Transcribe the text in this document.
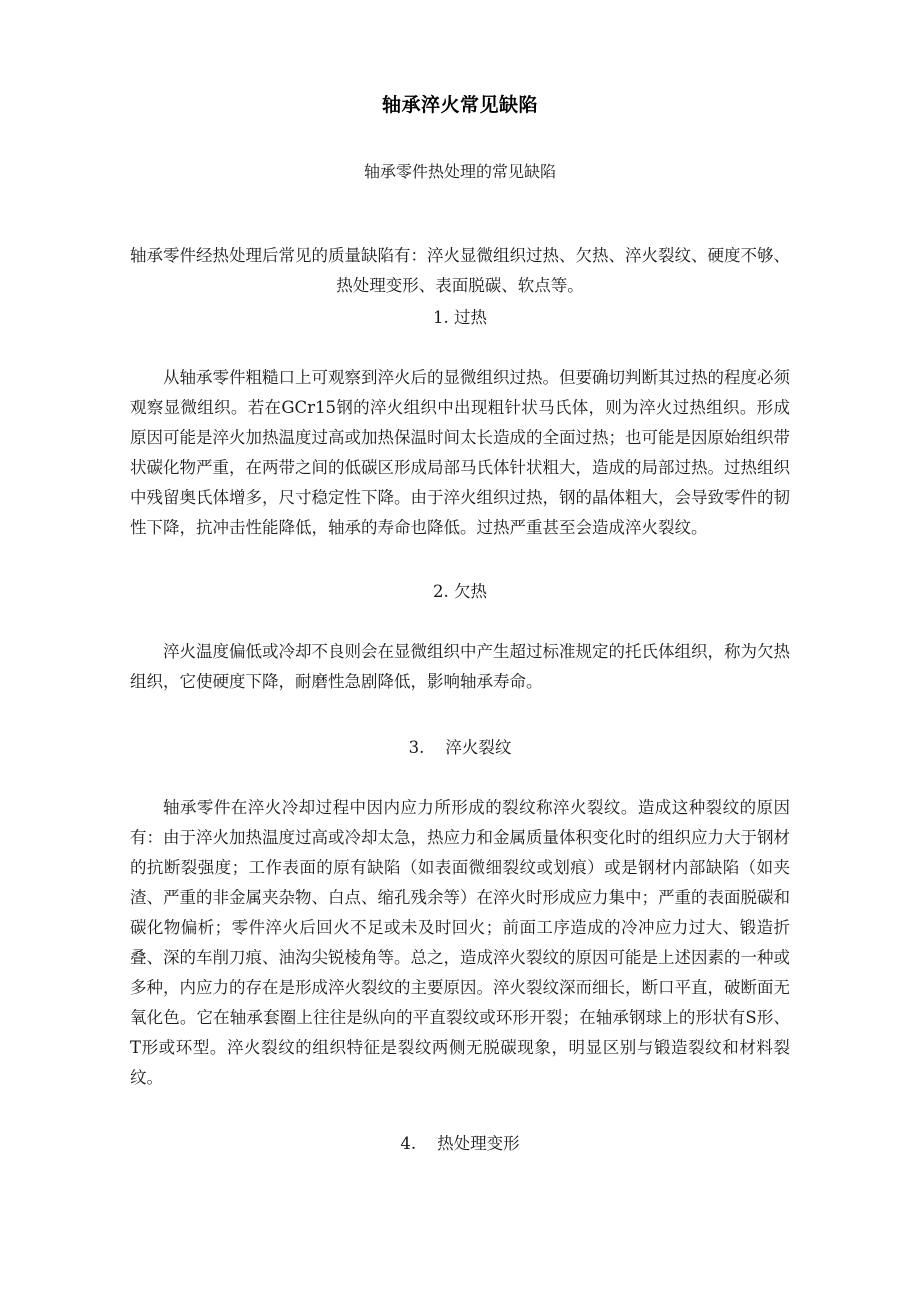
轴承淬火常见缺陷

轴承零件热处理的常见缺陷

轴承零件经热处理后常见的质量缺陷有：淬火显微组织过热、欠热、淬火裂纹、硬度不够、热处理变形、表面脱碳、软点等。

1. 过热

从轴承零件粗糙口上可观察到淬火后的显微组织过热。但要确切判断其过热的程度必须观察显微组织。若在GCr15钢的淬火组织中出现粗针状马氏体，则为淬火过热组织。形成原因可能是淬火加热温度过高或加热保温时间太长造成的全面过热；也可能是因原始组织带状碳化物严重，在两带之间的低碳区形成局部马氏体针状粗大，造成的局部过热。过热组织中残留奥氏体增多，尺寸稳定性下降。由于淬火组织过热，钢的晶体粗大，会导致零件的韧性下降，抗冲击性能降低，轴承的寿命也降低。过热严重甚至会造成淬火裂纹。

2. 欠热

淬火温度偏低或冷却不良则会在显微组织中产生超过标准规定的托氏体组织，称为欠热组织，它使硬度下降，耐磨性急剧降低，影响轴承寿命。

3.    淬火裂纹

轴承零件在淬火冷却过程中因内应力所形成的裂纹称淬火裂纹。造成这种裂纹的原因有：由于淬火加热温度过高或冷却太急，热应力和金属质量体积变化时的组织应力大于钢材的抗断裂强度；工作表面的原有缺陷（如表面微细裂纹或划痕）或是钢材内部缺陷（如夹渣、严重的非金属夹杂物、白点、缩孔残余等）在淬火时形成应力集中；严重的表面脱碳和碳化物偏析；零件淬火后回火不足或未及时回火；前面工序造成的冷冲应力过大、锻造折叠、深的车削刀痕、油沟尖锐棱角等。总之，造成淬火裂纹的原因可能是上述因素的一种或多种，内应力的存在是形成淬火裂纹的主要原因。淬火裂纹深而细长，断口平直，破断面无氧化色。它在轴承套圈上往往是纵向的平直裂纹或环形开裂；在轴承钢球上的形状有S形、T形或环型。淬火裂纹的组织特征是裂纹两侧无脱碳现象，明显区别与锻造裂纹和材料裂纹。

4.    热处理变形
